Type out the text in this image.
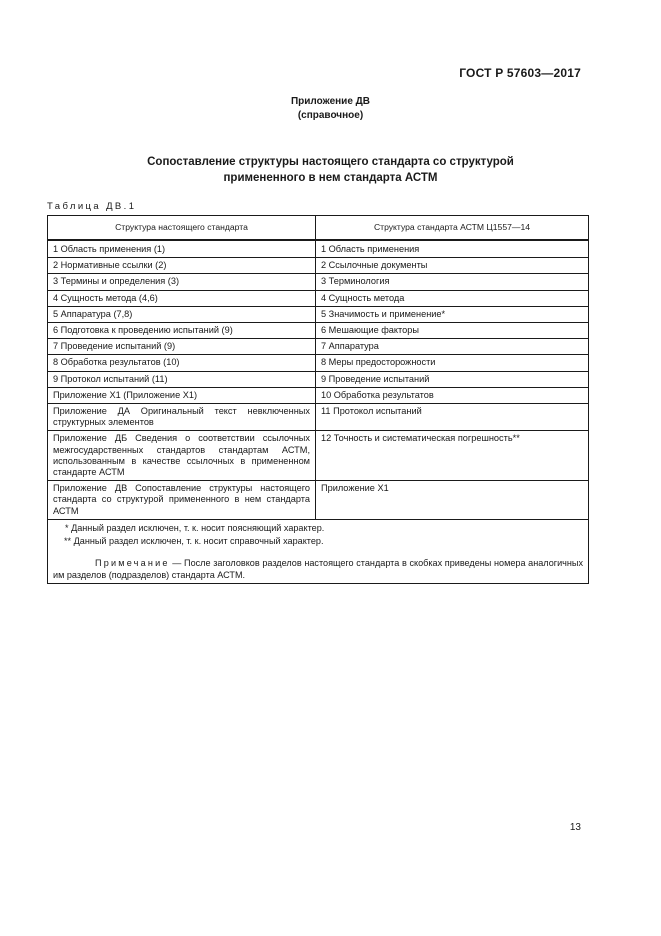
ГОСТ Р 57603—2017
Приложение ДВ
(справочное)
Сопоставление структуры настоящего стандарта со структурой
примененного в нем стандарта АСТМ
Таблица ДВ.1
Структура настоящего стандарта	Структура стандарта АСТМ Ц1557—14
1 Область применения (1)	1 Область применения
2 Нормативные ссылки (2)	2 Ссылочные документы
3 Термины и определения (3)	3 Терминология
4 Сущность метода (4,6)	4 Сущность метода
5 Аппаратура (7,8)	5 Значимость и применение*
6 Подготовка к проведению испытаний (9)	6 Мешающие факторы
7 Проведение испытаний (9)	7 Аппаратура
8 Обработка результатов (10)	8 Меры предосторожности
9 Протокол испытаний (11)	9 Проведение испытаний
Приложение Х1 (Приложение Х1)	10 Обработка результатов
Приложение ДА Оригинальный текст невключенных структурных элементов	11 Протокол испытаний
Приложение ДБ Сведения о соответствии ссылочных межгосударственных стандартов стандартам АСТМ, использованным в качестве ссылочных в примененном стандарте АСТМ	12 Точность и систематическая погрешность**
Приложение ДВ Сопоставление структуры настоящего стандарта со структурой примененного в нем стандарта АСТМ	Приложение Х1

* Данный раздел исключен, т. к. носит поясняющий характер.

** Данный раздел исключен, т. к. носит справочный характер.

Примечание — После заголовков разделов настоящего стандарта в скобках приведены номера аналогичных им разделов (подразделов) стандарта АСТМ.	

13
